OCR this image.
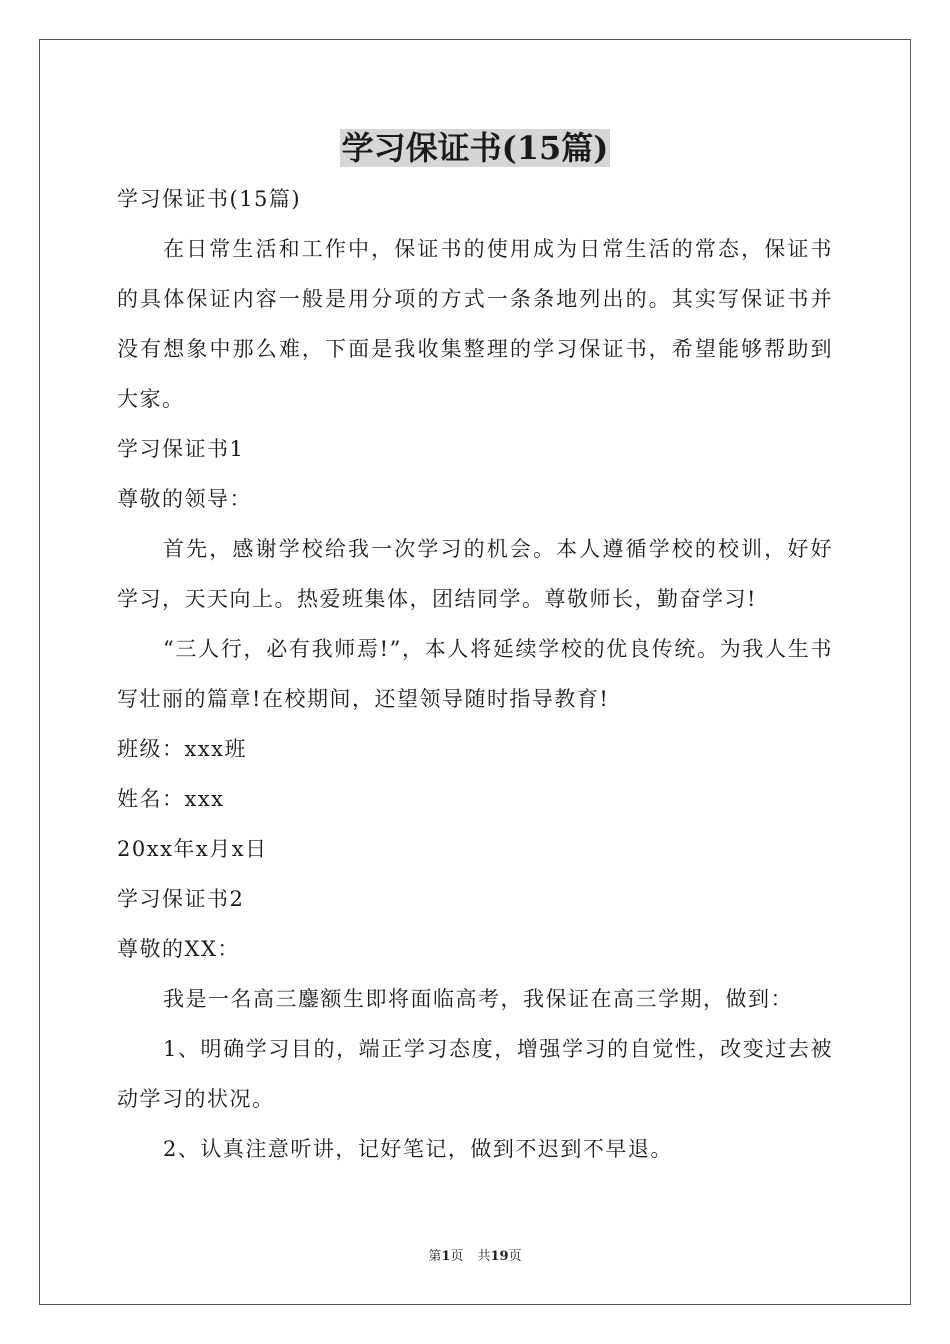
学习保证书(15篇)

学习保证书(15篇)

在日常生活和工作中，保证书的使用成为日常生活的常态，保证书的具体保证内容一般是用分项的方式一条条地列出的。其实写保证书并没有想象中那么难，下面是我收集整理的学习保证书，希望能够帮助到大家。

学习保证书1

尊敬的领导：

首先，感谢学校给我一次学习的机会。本人遵循学校的校训，好好学习，天天向上。热爱班集体，团结同学。尊敬师长，勤奋学习!

“三人行，必有我师焉!”，本人将延续学校的优良传统。为我人生书写壮丽的篇章!在校期间，还望领导随时指导教育!

班级：xxx班

姓名：xxx

20xx年x月x日

学习保证书2

尊敬的XX：

我是一名高三鏖额生即将面临高考，我保证在高三学期，做到：

1、明确学习目的，端正学习态度，增强学习的自觉性，改变过去被动学习的状况。

2、认真注意听讲，记好笔记，做到不迟到不早退。

第1页 共19页
